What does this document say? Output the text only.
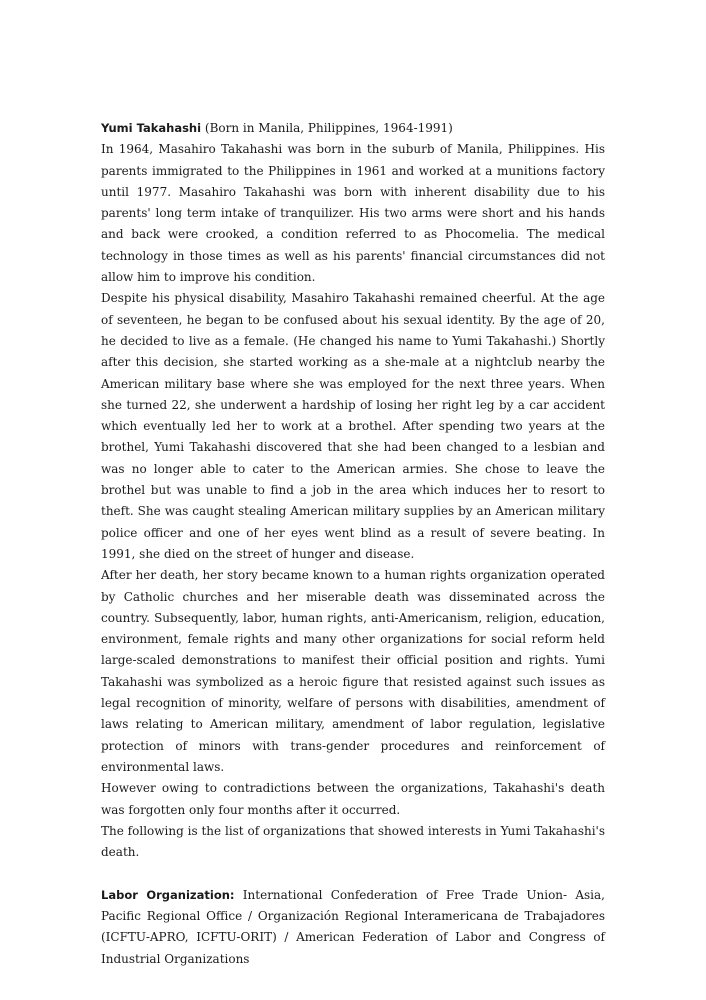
Yumi Takahashi (Born in Manila, Philippines, 1964-1991)

In 1964, Masahiro Takahashi was born in the suburb of Manila, Philippines. His parents immigrated to the Philippines in 1961 and worked at a munitions factory until 1977. Masahiro Takahashi was born with inherent disability due to his parents' long term intake of tranquilizer. His two arms were short and his hands and back were crooked, a condition referred to as Phocomelia. The medical technology in those times as well as his parents' financial circumstances did not allow him to improve his condition.

Despite his physical disability, Masahiro Takahashi remained cheerful. At the age of seventeen, he began to be confused about his sexual identity. By the age of 20, he decided to live as a female. (He changed his name to Yumi Takahashi.) Shortly after this decision, she started working as a she-male at a nightclub nearby the American military base where she was employed for the next three years. When she turned 22, she underwent a hardship of losing her right leg by a car accident which eventually led her to work at a brothel. After spending two years at the brothel, Yumi Takahashi discovered that she had been changed to a lesbian and was no longer able to cater to the American armies. She chose to leave the brothel but was unable to find a job in the area which induces her to resort to theft. She was caught stealing American military supplies by an American military police officer and one of her eyes went blind as a result of severe beating. In 1991, she died on the street of hunger and disease.

After her death, her story became known to a human rights organization operated by Catholic churches and her miserable death was disseminated across the country. Subsequently, labor, human rights, anti-Americanism, religion, education, environment, female rights and many other organizations for social reform held large-scaled demonstrations to manifest their official position and rights. Yumi Takahashi was symbolized as a heroic figure that resisted against such issues as legal recognition of minority, welfare of persons with disabilities, amendment of laws relating to American military, amendment of labor regulation, legislative protection of minors with trans-gender procedures and reinforcement of environmental laws.

However owing to contradictions between the organizations, Takahashi's death was forgotten only four months after it occurred.

The following is the list of organizations that showed interests in Yumi Takahashi's death.

Labor Organization: International Confederation of Free Trade Union- Asia, Pacific Regional Office / Organización Regional Interamericana de Trabajadores (ICFTU-APRO, ICFTU-ORIT) / American Federation of Labor and Congress of Industrial Organizations
